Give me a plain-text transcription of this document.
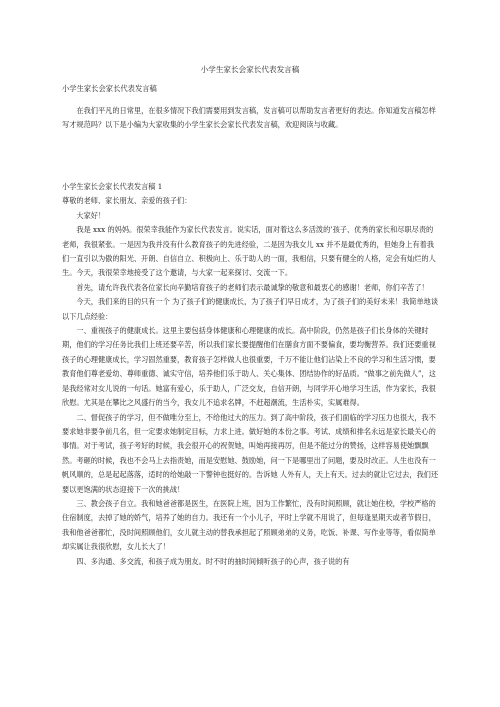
小学生家长会家长代表发言稿
小学生家长会家长代表发言稿
在我们平凡的日常里，在很多情况下我们需要用到发言稿，发言稿可以帮助发言者更好的表达。你知道发言稿怎样写才规范吗？以下是小编为大家收集的小学生家长会家长代表发言稿，欢迎阅读与收藏。

小学生家长会家长代表发言稿 1

尊敬的老师、家长朋友、亲爱的孩子们：

大家好！

我是 xxx 的妈妈。很荣幸我能作为家长代表发言。说实话，面对着这么多活泼的’孩子、优秀的家长和尽职尽责的老师，我很紧张。一是因为我并没有什么教育孩子的先进经验，二是因为我女儿 xx 并不是最优秀的，但她身上有着我们一直引以为傲的阳光、开朗、自信自立、积极向上、乐于助人的一面，我相信，只要有健全的人格，定会有灿烂的人生。今天，我很荣幸地接受了这个邀请，与大家一起来探讨、交流一下。

首先，请允许我代表各位家长向辛勤培育孩子的老师们表示最诚挚的敬意和最衷心的感谢！老师，你们辛苦了！

今天，我们来的目的只有一个 为了孩子们的健康成长，为了孩子们早日成才，为了孩子们的美好未来！我简单地谈以下几点经验：

一、重视孩子的健康成长。这里主要包括身体健康和心理健康的成长。高中阶段，仍然是孩子们长身体的关键时期，他们的学习任务比我们上班还要辛苦，所以我们家长要提醒他们在膳食方面不要偏食，要均衡营养。我们还要重视孩子的心理健康成长，学习固然重要，教育孩子怎样做人也很重要，千万不能让他们沾染上不良的学习和生活习惯，要教育他们尊老爱幼、尊师重德、诚实守信，培养他们乐于助人、关心集体、团结协作的好品质。“做事之前先做人”，这是我经常对女儿说的一句话。她富有爱心，乐于助人，广泛交友，自信开朗，与同学开心地学习生活，作为家长，我很欣慰。尤其是在攀比之风盛行的当今，我女儿不追求名牌，不赶超潮流，生活朴实，实属难得。

二、督促孩子的学习，但不做唯分至上，不给他过大的压力。到了高中阶段，孩子们面临的学习压力也很大，我不要求她非要争前几名，但一定要求她制定目标，力求上进。做好她的本份之事。考试、成绩和排名永远是家长最关心的事情。对于考试，孩子考好的时候，我会很开心的祝贺她，叫她再接再厉，但是不能过分的赞扬，这样容易使她飘飘然。考砸的时候，我也不会马上去指责她，而是安慰她、鼓励她，问一下是哪里出了问题，要及时改正。人生也没有一帆风顺的，总是起起落落，适时的给她敲一下警钟也挺好的。告诉她 人外有人，天上有天。过去的就让它过去，我们还要以更饱满的状态迎接下一次的挑战！

三、教会孩子自立。我和她爸爸都是医生，在医院上班，因为工作繁忙，没有时间照顾，就让她住校，学校严格的住宿制度，去掉了她的娇气，培养了她的自力。我还有一个小儿子，平时上学就不用说了，但每逢星期天或者节假日，我和他爸爸都忙，没时间照顾他们，女儿就主动的替我承担起了照顾弟弟的义务，吃饭、补课、写作业等等，看似简单却实属让我很欣慰，女儿长大了！

四、多沟通、多交流，和孩子成为朋友。时不时的抽时间倾听孩子的心声，孩子说的有
